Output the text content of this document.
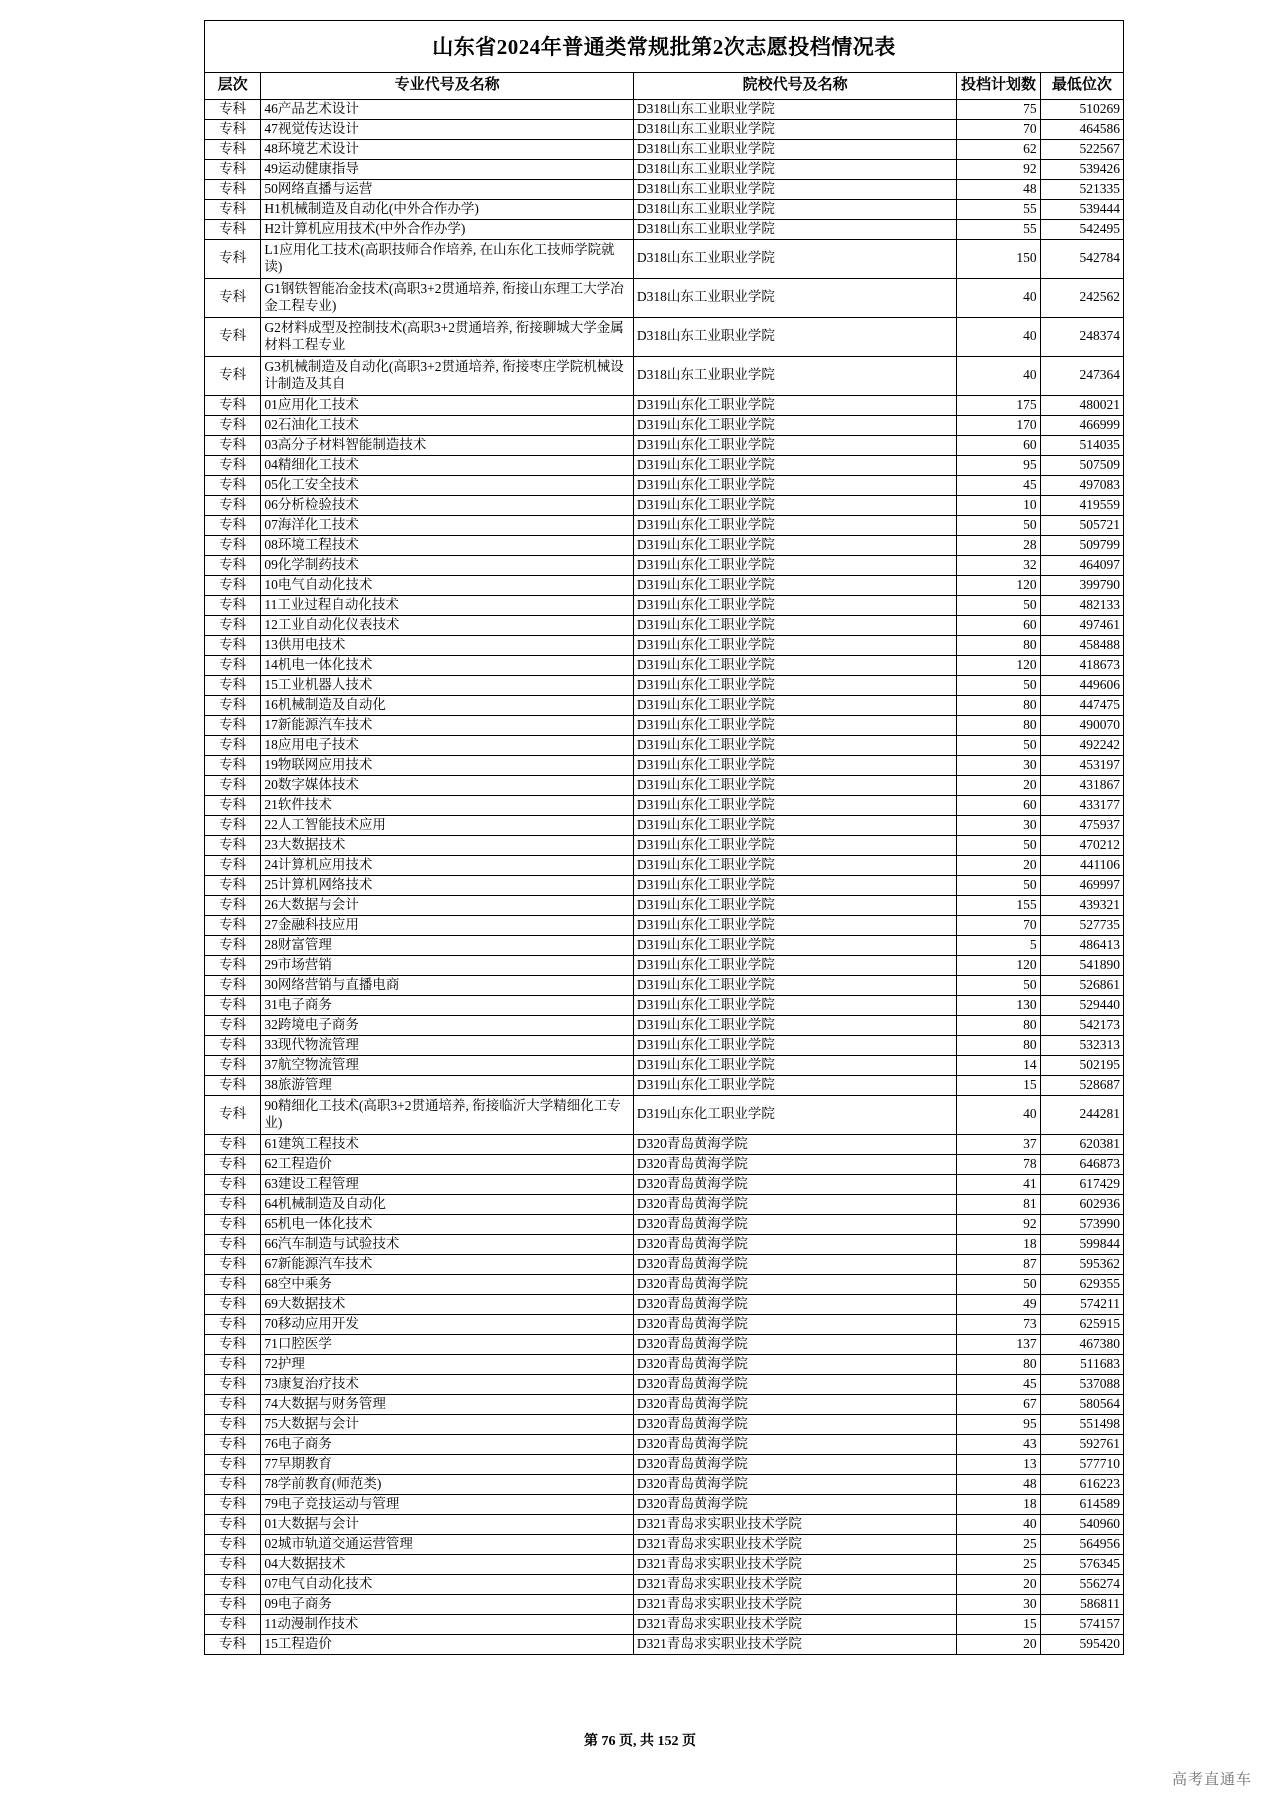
山东省2024年普通类常规批第2次志愿投档情况表
层次	专业代号及名称	院校代号及名称	投档计划数	最低位次
专科	46产品艺术设计	D318山东工业职业学院	75	510269
专科	47视觉传达设计	D318山东工业职业学院	70	464586
专科	48环境艺术设计	D318山东工业职业学院	62	522567
专科	49运动健康指导	D318山东工业职业学院	92	539426
专科	50网络直播与运营	D318山东工业职业学院	48	521335
专科	H1机械制造及自动化(中外合作办学)	D318山东工业职业学院	55	539444
专科	H2计算机应用技术(中外合作办学)	D318山东工业职业学院	55	542495
专科	L1应用化工技术(高职技师合作培养, 在山东化工技师学院就读)	D318山东工业职业学院	150	542784
专科	G1钢铁智能冶金技术(高职3+2贯通培养, 衔接山东理工大学冶金工程专业)	D318山东工业职业学院	40	242562
专科	G2材料成型及控制技术(高职3+2贯通培养, 衔接聊城大学金属材料工程专业	D318山东工业职业学院	40	248374
专科	G3机械制造及自动化(高职3+2贯通培养, 衔接枣庄学院机械设计制造及其自	D318山东工业职业学院	40	247364
专科	01应用化工技术	D319山东化工职业学院	175	480021
专科	02石油化工技术	D319山东化工职业学院	170	466999
专科	03高分子材料智能制造技术	D319山东化工职业学院	60	514035
专科	04精细化工技术	D319山东化工职业学院	95	507509
专科	05化工安全技术	D319山东化工职业学院	45	497083
专科	06分析检验技术	D319山东化工职业学院	10	419559
专科	07海洋化工技术	D319山东化工职业学院	50	505721
专科	08环境工程技术	D319山东化工职业学院	28	509799
专科	09化学制药技术	D319山东化工职业学院	32	464097
专科	10电气自动化技术	D319山东化工职业学院	120	399790
专科	11工业过程自动化技术	D319山东化工职业学院	50	482133
专科	12工业自动化仪表技术	D319山东化工职业学院	60	497461
专科	13供用电技术	D319山东化工职业学院	80	458488
专科	14机电一体化技术	D319山东化工职业学院	120	418673
专科	15工业机器人技术	D319山东化工职业学院	50	449606
专科	16机械制造及自动化	D319山东化工职业学院	80	447475
专科	17新能源汽车技术	D319山东化工职业学院	80	490070
专科	18应用电子技术	D319山东化工职业学院	50	492242
专科	19物联网应用技术	D319山东化工职业学院	30	453197
专科	20数字媒体技术	D319山东化工职业学院	20	431867
专科	21软件技术	D319山东化工职业学院	60	433177
专科	22人工智能技术应用	D319山东化工职业学院	30	475937
专科	23大数据技术	D319山东化工职业学院	50	470212
专科	24计算机应用技术	D319山东化工职业学院	20	441106
专科	25计算机网络技术	D319山东化工职业学院	50	469997
专科	26大数据与会计	D319山东化工职业学院	155	439321
专科	27金融科技应用	D319山东化工职业学院	70	527735
专科	28财富管理	D319山东化工职业学院	5	486413
专科	29市场营销	D319山东化工职业学院	120	541890
专科	30网络营销与直播电商	D319山东化工职业学院	50	526861
专科	31电子商务	D319山东化工职业学院	130	529440
专科	32跨境电子商务	D319山东化工职业学院	80	542173
专科	33现代物流管理	D319山东化工职业学院	80	532313
专科	37航空物流管理	D319山东化工职业学院	14	502195
专科	38旅游管理	D319山东化工职业学院	15	528687
专科	90精细化工技术(高职3+2贯通培养, 衔接临沂大学精细化工专业)	D319山东化工职业学院	40	244281
专科	61建筑工程技术	D320青岛黄海学院	37	620381
专科	62工程造价	D320青岛黄海学院	78	646873
专科	63建设工程管理	D320青岛黄海学院	41	617429
专科	64机械制造及自动化	D320青岛黄海学院	81	602936
专科	65机电一体化技术	D320青岛黄海学院	92	573990
专科	66汽车制造与试验技术	D320青岛黄海学院	18	599844
专科	67新能源汽车技术	D320青岛黄海学院	87	595362
专科	68空中乘务	D320青岛黄海学院	50	629355
专科	69大数据技术	D320青岛黄海学院	49	574211
专科	70移动应用开发	D320青岛黄海学院	73	625915
专科	71口腔医学	D320青岛黄海学院	137	467380
专科	72护理	D320青岛黄海学院	80	511683
专科	73康复治疗技术	D320青岛黄海学院	45	537088
专科	74大数据与财务管理	D320青岛黄海学院	67	580564
专科	75大数据与会计	D320青岛黄海学院	95	551498
专科	76电子商务	D320青岛黄海学院	43	592761
专科	77早期教育	D320青岛黄海学院	13	577710
专科	78学前教育(师范类)	D320青岛黄海学院	48	616223
专科	79电子竞技运动与管理	D320青岛黄海学院	18	614589
专科	01大数据与会计	D321青岛求实职业技术学院	40	540960
专科	02城市轨道交通运营管理	D321青岛求实职业技术学院	25	564956
专科	04大数据技术	D321青岛求实职业技术学院	25	576345
专科	07电气自动化技术	D321青岛求实职业技术学院	20	556274
专科	09电子商务	D321青岛求实职业技术学院	30	586811
专科	11动漫制作技术	D321青岛求实职业技术学院	15	574157
专科	15工程造价	D321青岛求实职业技术学院	20	595420
第 76 页, 共 152 页
高考直通车
